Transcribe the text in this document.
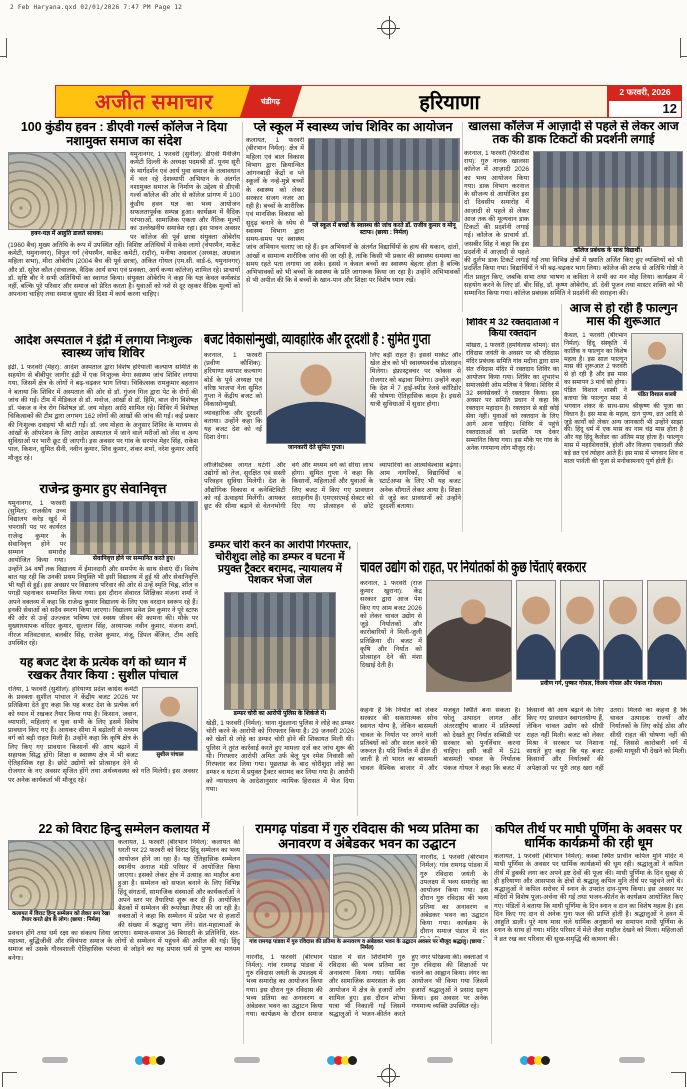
2 Feb Haryana.qxd 02/01/2026 7:47 PM Page 12
अजीत समाचार	चंडीगढ़	हरियाणा	2 फरवरी, 2026
12
100 कुंडीय हवन : डीएवी गर्ल्स कॉलेज ने दिया नशामुक्त समाज का संदेश
हवन-यज्ञ में आहुति डालते साधक।
यमुनानगर, 1 फरवरी (सुनील): डीएवी मैनेजिंग कमेटी दिल्ली के अध्यक्ष पदमश्री डॉ. पूनम सूरी के मार्गदर्शन एवं आर्य युवा समाज के तत्वावधान में चल रहे देशव्यापी अभियान के अंतर्गत नशामुक्त समाज के निर्माण के उद्देश्य से डीएवी गर्ल्स कॉलेज की ओर से कॉलेज प्रांगण में 100 कुंडीय हवन यज्ञ का भव्य आयोजन सफलतापूर्वक सम्पन्न हुआ। कार्यक्रम में वैदिक परंपराओं, सामाजिक एकता और नैतिक मूल्यों का उल्लेखनीय समावेश रहा। इस पावन अवसर पर कॉलेज की पूर्व छात्रा संयुक्ता ओबेरॉय (1960 बैच) मुख्य अतिथि के रूप में उपस्थित रहीं। विशिष्ट अतिथियों में राकेश लागो (चेयरमैन, मार्केट कमेटी, यमुनानगर), विपुल गर्ग (चेयरमैन, मार्केट कमेटी, रादौर), मनीषा अग्रवाल (अध्यक्ष, अग्रवाल महिला सभा), मीरा ओबेरॉय (2004 बैच की पूर्व छात्रा), अंकित गोयल (एम.सी. वार्ड-6, यमुनानगर) और डॉ. सुरेश कौल (संचालक, वैदिक आर्य सभा एवं प्रवक्ता, आर्य कन्या कॉलेज) शामिल रहे। प्राचार्या डॉ. सृष्टि बौर ने सभी अतिथियों का स्वागत किया। संयुक्ता ओबेरॉय ने कहा कि यज्ञ केवल कर्मकांड नहीं, बल्कि पूरे परिवार और समाज को प्रेरित करता है। युवाओं को नशे से दूर रहकर वैदिक मूल्यों को अपनाना चाहिए तथा समाज सुधार की दिशा में कार्य करना चाहिए।
प्ले स्कूल में स्वास्थ्य जांच शिविर का आयोजन
प्ले स्कूल में बच्चों के स्वास्थ्य की जांच करते डॉ. राजीव कुमार व मोनू स्टाफ। (छाया : निर्मल)
कलायत, 1 फरवरी (बीरभान निर्मल): क्षेत्र में महिला एवं बाल विकास विभाग द्वारा क्रियान्वित आंगनबाड़ी केंद्रों व प्ले स्कूलों के नन्हे-मुन्ने बच्चों के स्वास्थ्य को लेकर सरकार सजग नजर आ रही है। बच्चों के शारीरिक एवं मानसिक विकास को सुदृढ़ बनाने के ध्येय से स्वास्थ्य विभाग द्वारा समय-समय पर स्वास्थ्य जांच अभियान चलाए जा रहे हैं। इन अभियानों के अंतर्गत विद्यार्थियों के हाथ की थकान, दांतों, आंखों व सामान्य शारीरिक जांच की जा रही है, ताकि किसी भी प्रकार की स्वास्थ्य समस्या का समय रहते पता लगाया जा सके। इससे न केवल बच्चों का स्वास्थ्य बेहतर होता है बल्कि अभिभावकों को भी बच्चों के स्वास्थ्य के प्रति जागरूक किया जा रहा है। उन्होंने अभिभावकों से भी अपील की कि वे बच्चों के खान-पान और शिक्षा पर विशेष ध्यान रखें।
खालसा कॉलेज में आज़ादी से पहले से लेकर आज तक की डाक टिकटों की प्रदर्शनी लगाई
कॉलेज प्रबंधक के साथ विद्यार्थी।
करनाल, 1 फरवरी (फिरदौस राय): गुरु नानक खालसा कॉलेज में आज़ादी 2026 का भव्य आयोजन किया गया। डाक विभाग करनाल के सौजन्य से आयोजित इस दो दिवसीय समारोह में आज़ादी से पहले से लेकर आज तक की मूल्यवान डाक टिकटों की प्रदर्शनी लगाई गई। कॉलेज के प्राचार्य डॉ. जसबीर सिंह ने कहा कि इस प्रदर्शनी में आज़ादी से पहले की दुर्लभ डाक टिकटें लगाई गईं तथा विभिन्न क्षेत्रों में ख्याति अर्जित किए हुए व्यक्तियों को भी प्रदर्शित किया गया। विद्यार्थियों ने भी बढ़-चढ़कर भाग लिया। कॉलेज की तरफ से अतिथि गोष्ठी ने गीत प्रस्तुत किए, जबकि सभा तथा भाषण व कविता ने सभी का मन मोह लिया। कार्यक्रम में सहयोग करने के लिए डॉ. बीर सिंह, डॉ. कृष्ण ओबेरॉय, डॉ. देवी पूजन तथा मास्टर शक्ति को भी सम्मानित किया गया। कॉलेज प्रबंधक समिति ने प्रदर्शनी की सराहना की।
आदेश अस्पताल ने इंद्री में लगाया निःशुल्क स्वास्थ्य जांच शिविर
इंद्री, 1 फरवरी (मेहर): आदेश अस्पताल द्वारा विशेष हरियाली कल्याण समिति के सहयोग से बीबीपुर जागीर इंद्री में एक निःशुल्क मेगा स्वास्थ्य जांच शिविर लगाया गया, जिसमें क्षेत्र के लोगों ने बढ़-चढ़कर भाग लिया। चिकित्सक रामकुमार बहलान ने बताया कि शिविर में अस्पताल की ओर से डॉ. गुंजन गिल द्वारा पेट के रोगों की जांच की गई। टीम में मेडिकल से डॉ. मनोज, आंखों से डॉ. हिमि, बाल रोग विशेषज्ञ डॉ. पंकज व नेत्र रोग विशेषज्ञ डॉ. जय मोहरा आदि शामिल रहे। शिविर में विशेषज्ञ चिकित्सकों की टीम द्वारा लगभग 162 लोगों की आंखों की जांच की गई। कई प्रकार की निःशुल्क दवाइयां भी बांटी गईं। डॉ. जय मोहरा के अनुसार शिविर के माध्यम से आंखों के ऑपरेशन के लिए आदेश अस्पताल में जाने वाले मरीजों को लेंस व अन्य सुविधाओं पर भारी छूट दी जाएगी। इस अवसर पर गांव के सरपंच मेहर सिंह, राकेश पाल, किशन, सुमित सैनी, नवीन कुमार, शिव कुमार, शंकर शर्मा, नरेश कुमार आदि मौजूद रहे।
बजट विकासोन्मुखी, व्यावहारिक और दूरदर्शी है : सुमित गुप्ता
करनाल, 1 फरवरी (प्रवीण कौशिक): हरियाणा व्यापार कल्याण बोर्ड के पूर्व अध्यक्ष एवं वरिष्ठ भाजपा नेता सुमित गुप्ता ने केंद्रीय बजट को विकासोन्मुखी, व्यावहारिक और दूरदर्शी बताया। उन्होंने कहा कि यह बजट देश को नई दिशा देगा।
जानकारी देते सुमित गुप्ता।
लिए बड़ी राहत है। इससे मार्केट और खेल क्षेत्र को भी स्वास्थ्यवर्धक प्रोत्साहन मिलेगा। इंफ्रास्ट्रक्चर पर फोकस से रोजगार को बढ़ावा मिलेगा। उन्होंने कहा कि देश में 7 हाई-स्पीड रेलवे कॉरिडोर की घोषणा ऐतिहासिक कदम है। इससे यात्री सुविधाओं में सुधार होगा।
लॉजिस्टिक्स लागत घटेगी और उद्योगों को तेज, सुरक्षित एवं सस्ती परिवहन सुविधा मिलेगी। देश के औद्योगिक विकास व कनेक्टिविटी को नई ऊंचाइयां मिलेंगी। आयकर छूट की सीमा बढ़ाने से वेतनभोगी वर्ग और मध्यम वर्ग को सीधा लाभ होगा। सुमित गुप्ता ने कहा कि किसानों, महिलाओं और युवाओं के लिए बजट में किए गए प्रावधान सराहनीय हैं। एमएसएमई सेक्टर को दिए गए प्रोत्साहन से छोटे व्यापारियों का आत्मविश्वास बढ़ेगा। आम नागरिकों, विद्यार्थियों व स्टार्टअप्स के लिए भी यह बजट अनेक सौगातें लेकर आया है। शिक्षा से जुड़े कर प्रावधानों को उन्होंने दूरदर्शी बताया।
शिविर में 32 रक्तदाताओं ने किया रक्तदान
मोखरा, 1 फरवरी (हमविलास थोमन): संत रविदास जयंती के अवसर पर श्री रविदास मंदिर प्रबंधक समिति गांव मदीना द्वारा ग्राम संत रविदास मंदिर में रक्तदान शिविर का आयोजन किया गया। शिविर का शुभारंभ समाजसेवी ओम मलिक ने किया। शिविर में 32 स्वयंसेवकों ने रक्तदान किया। इस अवसर पर समिति प्रधान ने कहा कि रक्तदान महादान है। रक्तदान से बड़ी कोई सेवा नहीं। युवाओं को रक्तदान के लिए आगे आना चाहिए। शिविर में पहुंचे रक्तदाताओं को प्रशस्ति पत्र देकर सम्मानित किया गया। इस मौके पर गांव के अनेक गणमान्य लोग मौजूद रहे।
आज से हो रही है फाल्गुन मास की शुरूआत
पंडित विशाल शास्त्री
कैथल, 1 फरवरी (बीरभान निर्मल): हिंदू संस्कृति में कार्तिक व फाल्गुन का विशेष महत्व है। इस साल फाल्गुन मास की शुरूआत 2 फरवरी से हो रही है और इस मास का समापन 3 मार्च को होगा। पंडित विशाल शास्त्री ने बताया कि फाल्गुन मास में भगवान शंकर के साथ-साथ श्रीकृष्ण की पूजा का विधान है। इस मास के महत्व, दान पुण्य, व्रत आदि से जुड़े कार्यों को लेकर अन्य जानकारी भी उन्होंने साझा की। हिंदू धर्म में एक मास का नाम चंद्र मास होता है और यह हिंदू कैलेंडर का अंतिम माह होता है। फाल्गुन मास में महाशिवरात्रि, होली और विजया एकादशी जैसे बड़े व्रत एवं त्योहार आते हैं। इस मास में भगवान शिव व माता पार्वती की पूजा से मनोकामनाएं पूर्ण होती हैं।
राजेन्द्र कुमार हुए सेवानिवृत्त
सेवानिवृत्त होने पर सम्मानित करते हुए।
यमुनानगर, 1 फरवरी (सुमित): राजकीय उच्च विद्यालय करेड़ खुर्द में चपरासी पद पर कार्यरत राजेन्द्र कुमार के सेवानिवृत्त होने पर सम्मान समारोह आयोजित किया गया। उन्होंने 34 वर्षों तक विद्यालय में ईमानदारी और समर्पण के साथ सेवाएं दीं। विशेष बात यह रही कि उनकी प्रथम नियुक्ति भी इसी विद्यालय में हुई थी और सेवानिवृत्ति भी यहीं से हुई। इस अवसर पर विद्यालय परिवार की ओर से उन्हें स्मृति चिह्न, शॉल व पगड़ी पहनाकर सम्मानित किया गया। इस दौरान सेवारत शिक्षिका मंजना शर्मा ने अपने वक्तव्य में कहा कि राजेन्द्र कुमार विद्यालय के लिए एक वरदान स्वरूप रहे हैं। इनकी सेवाओं को सदैव स्मरण किया जाएगा। विद्यालय प्रवेश प्रेम कुमार ने पूरे स्टाफ की ओर से उन्हें उज्ज्वल भविष्य एवं स्वस्थ जीवन की कामना की। मौके पर मुख्याध्यापक वरिंदर कुमार, सुल्तान सिंह, अध्यापक नवीन कुमार, मंजना शर्मा, नीरज मतिवटवाल, बलबीर सिंह, राजेश कुमार, मंजू, डिंपल बेंजिल, टीम आदि उपस्थित रहे।
डम्फर चोरी करने का आरोपी गिरफ्तार, चोरीशुदा लोहे का डम्फर व घटना में प्रयुक्त ट्रैक्टर बरामद, न्यायालय में पेशकर भेजा जेल
डम्फर चोरी का आरोपी पुलिस के शिकंजे में।
खेड़ी, 1 फरवरी (निर्मल): थाना मुंडलाना पुलिस ने लोहे का डम्फर चोरी करने के आरोपी को गिरफ्तार किया है। 29 जनवरी 2026 को खेतों से लोहे का डम्फर चोरी होने की शिकायत मिली थी। पुलिस ने तुरंत कार्रवाई करते हुए मामला दर्ज कर जांच शुरू की थी। गिरफ्तार आरोपी अमित उर्फ बेलू पुत्र रमेश निवासी को गिरफ्तार कर लिया गया। पूछताछ के बाद चोरीशुदा लोहे का डम्फर व घटना में प्रयुक्त ट्रैक्टर बरामद कर लिया गया है। आरोपी को न्यायालय के आदेशानुसार न्यायिक हिरासत में भेज दिया गया।
चावल उद्योग को राहत, पर निर्यातकों की कुछ चिंताएं बरकरार
करनाल, 1 फरवरी (राज कुमार खुराना): केंद्र सरकार द्वारा आज पेश किए गए आम बजट 2026 को लेकर चावल उद्योग से जुड़े निर्यातकों और कारोबारियों ने मिली-जुली प्रतिक्रिया दी। बजट में कृषि और निर्यात को प्रोत्साहन देने की मंशा दिखाई देती है।
प्रवीण गर्ग, पुष्कर गोयल, विजय गोयल और पंकज गोयल।
कहना है कि निर्यात को लेकर सरकार की सकारात्मक सोच स्वागत योग्य है, लेकिन बासमती चावल के निर्यात पर लगने वाली प्रतिबंधों को और सरल करने की जरूरत है। यदि निर्यात में ढील दी जाती है तो भारत का बासमती चावल वैश्विक बाजार में और मजबूत स्थिति बना सकता है। घरेलू उत्पादन लागत और अंतरराष्ट्रीय बाजार में प्रतिस्पर्धा को देखते हुए निर्यात सब्सिडी पर सरकार को पुनर्विचार करना चाहिए। इसी कड़ी में 521 बासमती चावल के निर्यातक पंकज गोयल ने कहा कि बजट में किसानों की आय बढ़ाने के लिए किए गए प्रावधान स्वागतयोग्य हैं, लेकिन चावल उद्योग को सीधी राहत नहीं मिली। बजट को लेकर मिश्रा ने सरकार पर निशाना साधते हुए कहा कि यह बजट किसानों और निर्यातकों की अपेक्षाओं पर पूरी तरह खरा नहीं उतरा। मिलर्स का कहना है कि चावल उत्पादक राज्यों और निर्यातकों के लिए कोई ठोस और सीधी राहत की घोषणा नहीं की गई, जिससे कारोबारी वर्ग में हल्की मायूसी भी देखने को मिली।
यह बजट देश के प्रत्येक वर्ग को ध्यान में रखकर तैयार किया : सुशील पांचाल
सुशील पांचाल
रतिया, 1 फरवरी (सुशील): हरियाणा प्रदेश कांग्रेस कमेटी के प्रवक्ता सुशील पांचाल ने केंद्रीय बजट 2026 पर प्रतिक्रिया देते हुए कहा कि यह बजट देश के प्रत्येक वर्ग को ध्यान में रखकर तैयार किया गया है। किसान, जवान, व्यापारी, महिलाएं व युवा सभी के लिए इसमें विशेष प्रावधान किए गए हैं। आयकर सीमा में बढ़ोतरी से मध्यम वर्ग को बड़ी राहत मिली है। उन्होंने कहा कि कृषि क्षेत्र के लिए किए गए प्रावधान किसानों की आय बढ़ाने में सहायक सिद्ध होंगे। शिक्षा व स्वास्थ्य क्षेत्र में भी बजट ऐतिहासिक रहा है। छोटे उद्योगों को प्रोत्साहन देने से रोजगार के नए अवसर सृजित होंगे तथा अर्थव्यवस्था को गति मिलेगी। इस अवसर पर अनेक कार्यकर्ता भी मौजूद रहे।
22 को विराट हिन्दु सम्मेलन कलायत में
कलायत में विराट हिन्दू सम्मेलन को लेकर रूप रेखा तैयार करते क्षेत्र के लोग। (छाया : निर्मल)
कलायत, 1 फरवरी (बीरभान निर्मल): कलायत की धरती पर 22 फरवरी को विराट हिंदू सम्मेलन का भव्य आयोजन होने जा रहा है। यह ऐतिहासिक सम्मेलन स्थानीय अनाज मंडी परिसर में आयोजित किया जाएगा। इसको लेकर क्षेत्र में उत्साह का माहौल बना हुआ है। सम्मेलन को सफल बनाने के लिए विभिन्न हिंदू संगठनों, सामाजिक संस्थाओं और कार्यकर्ताओं ने अपने स्तर पर तैयारियां शुरू कर दी हैं। आयोजित बैठकों में सम्मेलन की रूपरेखा तैयार की जा रही है। वक्ताओं ने कहा कि सम्मेलन में प्रदेश भर से हजारों की संख्या में श्रद्धालु भाग लेंगे। संत-महात्माओं के प्रवचन होंगे तथा धर्म रक्षा का संकल्प लिया जाएगा। समाज-समाज 36 बिरादरी के प्रतिनिधि, संत-महात्मा, बुद्धिजीवी और रविचंपरा समाज के लोगों से सम्मेलन में पहुंचने की अपील की गई। हिंदू समाज को उसके गौरवशाली ऐतिहासिक परंपरा से जोड़ने का यह प्रयास धर्म से पुण्य का माध्यम बनेगा।
रामगढ़ पांडवा में गुरु रविदास की भव्य प्रतिमा का अनावरण व अंबेडकर भवन का उद्घाटन
नारनौंद, 1 फरवरी (बीरभान निर्मल): गांव रामगढ़ पांडवा में गुरु रविदास जयंती के उपलक्ष्य में भव्य समारोह का आयोजन किया गया। इस दौरान गुरु रविदास की भव्य प्रतिमा का अनावरण व अंबेडकर भवन का उद्घाटन किया गया। कार्यक्रम के दौरान समाज पंडाल में संत
गांव रामगढ़ पांडवा में गुरु रविदास की प्रतिमा के अनावरण व अंबेडकर भवन के उद्घाटन अवसर पर मौजूद श्रद्धालु। (छाया : निर्मल)
नारनौंद, 1 फरवरी (बीरभान निर्मल): गांव रामगढ़ पांडवा में गुरु रविदास जयंती के उपलक्ष्य में भव्य समारोह का आयोजन किया गया। इस दौरान गुरु रविदास की भव्य प्रतिमा का अनावरण व अंबेडकर भवन का उद्घाटन किया गया। कार्यक्रम के दौरान समाज पंडाल में संत शिरोमणि गुरु रविदास की भव्य प्रतिमा का अनावरण किया गया। धार्मिक और सामाजिक समरसता के इस आयोजन में क्षेत्र के हजारों लोग शामिल हुए। इस दौरान शोभा यात्रा भी निकाली गई जिसमें श्रद्धालुओं ने भजन-कीर्तन करते हुए नगर परिक्रमा की। वक्ताओं ने गुरु रविदास की शिक्षाओं पर चलने का आह्वान किया। लंगर का आयोजन भी किया गया जिसमें हजारों श्रद्धालुओं ने प्रसाद ग्रहण किया। इस अवसर पर अनेक गणमान्य व्यक्ति उपस्थित रहे।
कपिल तीर्थ पर माघी पूर्णिमा के अवसर पर धार्मिक कार्यक्रमों की रही धूम
कलायत, 1 फरवरी (बीरभान निर्मल): कस्बा स्थित प्राचीन कपिल मुनि मंदिर में माघी पूर्णिमा के अवसर पर धार्मिक कार्यक्रमों की धूम रही। श्रद्धालुओं ने कपिल तीर्थ में डुबकी लगा कर अपने इष्ट देवों की पूजा की। माघी पूर्णिमा के दिन सुबह से ही हरियाणा और आसपास के क्षेत्रों से श्रद्धालु कपिल मुनि तीर्थ पर पहुंचने लगे थे। श्रद्धालुओं ने कपिल सरोवर में स्नान के उपरांत दान-पुण्य किया। इस अवसर पर मंदिरों में विशेष पूजा-अर्चना की गई तथा भजन-कीर्तन के कार्यक्रम आयोजित किए गए। पंडितों ने बताया कि माघी पूर्णिमा के दिन स्नान व दान का विशेष महत्व है। इस दिन किए गए दान से अनेक गुना फल की प्राप्ति होती है। श्रद्धालुओं ने हवन में आहुति डाली। पूरे माघ मास चले धार्मिक अनुष्ठानों का समापन माघी पूर्णिमा के स्नान के साथ हो गया। मंदिर परिसर में मेले जैसा माहौल देखने को मिला। महिलाओं ने व्रत रख कर परिवार की सुख-समृद्धि की कामना की।
